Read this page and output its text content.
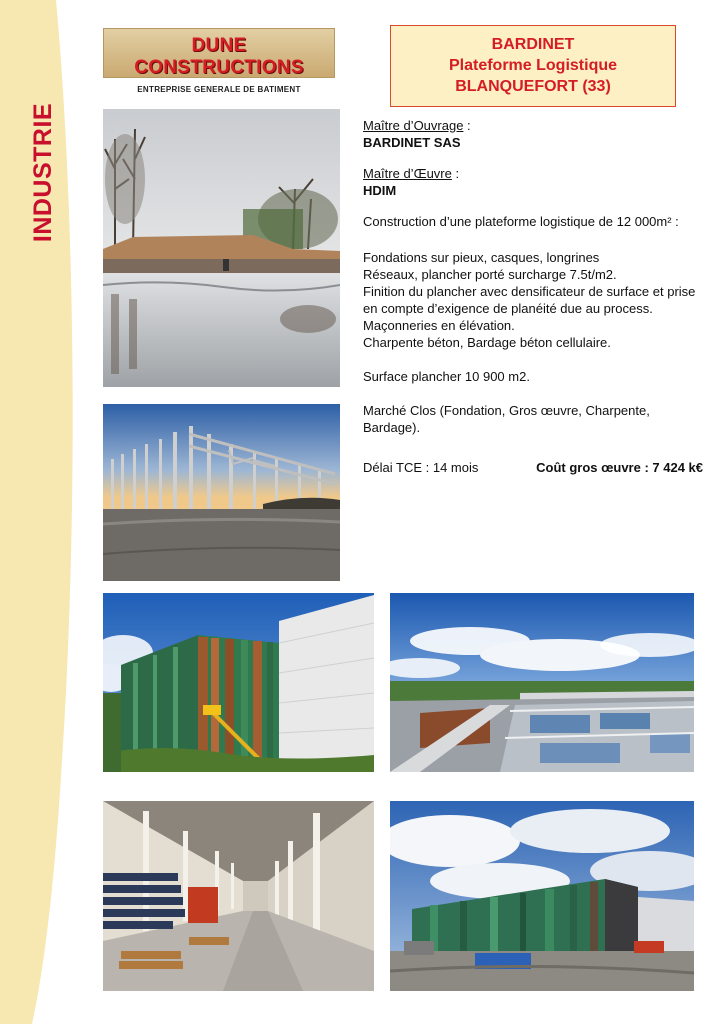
INDUSTRIE
DUNE CONSTRUCTIONS
ENTREPRISE GENERALE DE BATIMENT
BARDINET
Plateforme Logistique
BLANQUEFORT (33)

Maître d’Ouvrage :

BARDINET SAS

Maître d’Œuvre :

HDIM

Construction d’une plateforme logistique de 12 000m² :

Fondations sur pieux, casques, longrines

Réseaux, plancher porté surcharge 7.5t/m2.

Finition du plancher avec densificateur de surface et prise en compte d’exigence de planéité due au process.

Maçonneries en élévation.

Charpente béton, Bardage béton cellulaire.

Surface plancher 10 900 m2.

Marché Clos (Fondation, Gros œuvre, Charpente, Bardage).

Délai TCE : 14 mois	Coût gros œuvre : 7 424 k€
